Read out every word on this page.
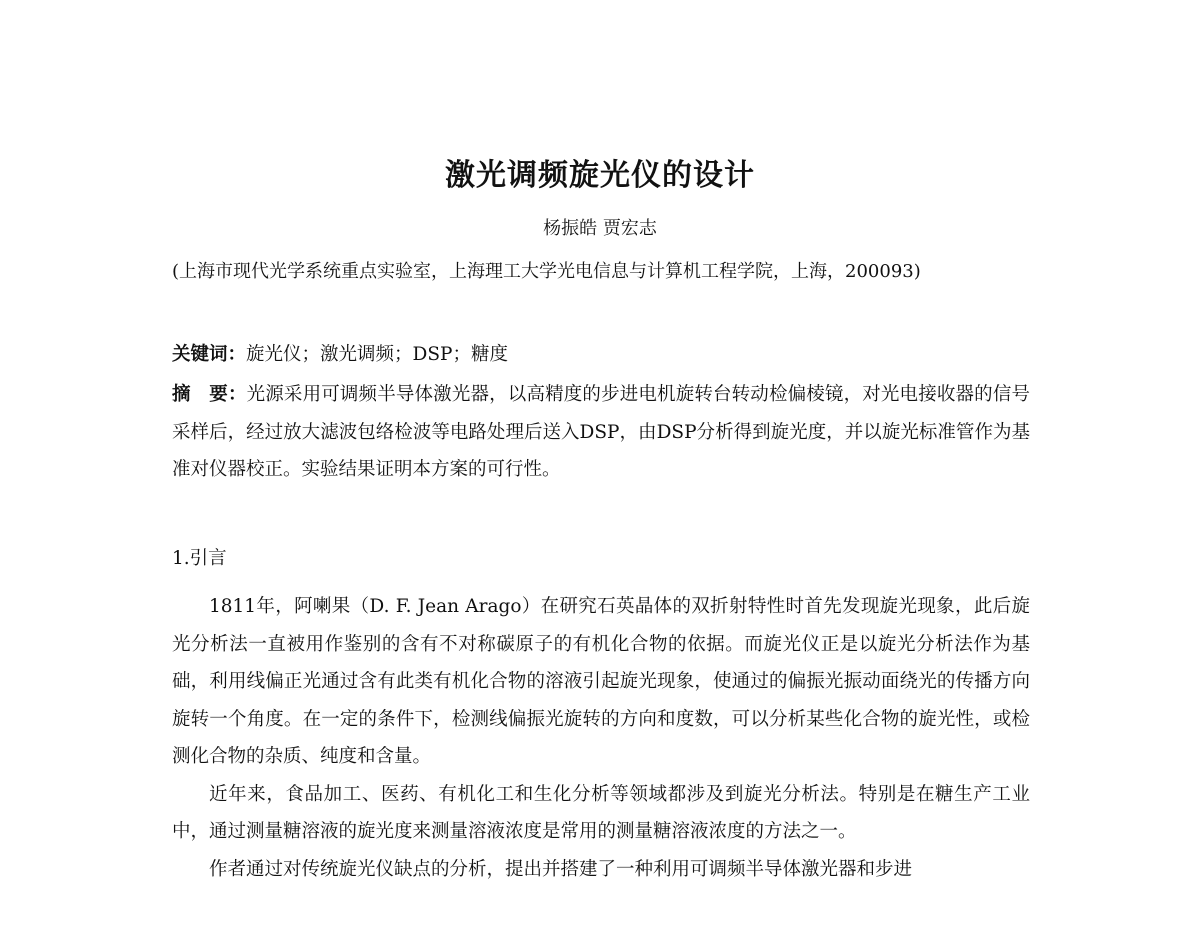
激光调频旋光仪的设计
杨振皓 贾宏志
(上海市现代光学系统重点实验室，上海理工大学光电信息与计算机工程学院，上海，200093)
关键词：旋光仪；激光调频；DSP；糖度
摘　要：光源采用可调频半导体激光器，以高精度的步进电机旋转台转动检偏棱镜，对光电接收器的信号采样后，经过放大滤波包络检波等电路处理后送入DSP，由DSP分析得到旋光度，并以旋光标准管作为基准对仪器校正。实验结果证明本方案的可行性。
1.引言

1811年，阿喇果（D. F. Jean Arago）在研究石英晶体的双折射特性时首先发现旋光现象，此后旋光分析法一直被用作鉴别的含有不对称碳原子的有机化合物的依据。而旋光仪正是以旋光分析法作为基础，利用线偏正光通过含有此类有机化合物的溶液引起旋光现象，使通过的偏振光振动面绕光的传播方向旋转一个角度。在一定的条件下，检测线偏振光旋转的方向和度数，可以分析某些化合物的旋光性，或检测化合物的杂质、纯度和含量。

近年来，食品加工、医药、有机化工和生化分析等领域都涉及到旋光分析法。特别是在糖生产工业中，通过测量糖溶液的旋光度来测量溶液浓度是常用的测量糖溶液浓度的方法之一。

作者通过对传统旋光仪缺点的分析，提出并搭建了一种利用可调频半导体激光器和步进
